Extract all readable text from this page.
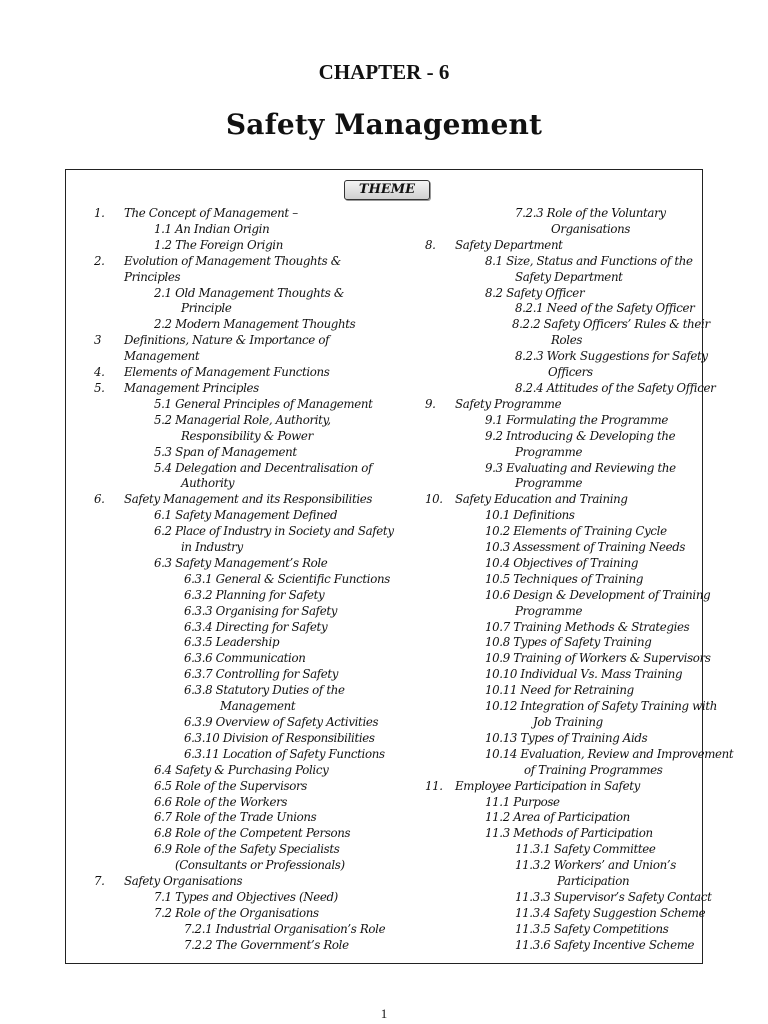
CHAPTER - 6
Safety Management
THEME
1.	The Concept of Management –
1.1 An Indian Origin
1.2 The Foreign Origin
2.	Evolution of Management Thoughts &
Principles
2.1 Old Management Thoughts &
Principle
2.2 Modern Management Thoughts
3	Definitions, Nature & Importance of
Management
4.	Elements of Management Functions
5.	Management Principles
5.1 General Principles of Management
5.2 Managerial Role, Authority,
Responsibility & Power
5.3 Span of Management
5.4 Delegation and Decentralisation of
Authority
6.	Safety Management and its Responsibilities
6.1 Safety Management Defined
6.2 Place of Industry in Society and Safety
in Industry
6.3 Safety Management’s Role
6.3.1 General & Scientific Functions
6.3.2 Planning for Safety
6.3.3 Organising for Safety
6.3.4 Directing for Safety
6.3.5 Leadership
6.3.6 Communication
6.3.7 Controlling for Safety
6.3.8 Statutory Duties of the
Management
6.3.9 Overview of Safety Activities
6.3.10 Division of Responsibilities
6.3.11 Location of Safety Functions
6.4 Safety & Purchasing Policy
6.5 Role of the Supervisors
6.6 Role of the Workers
6.7 Role of the Trade Unions
6.8 Role of the Competent Persons
6.9 Role of the Safety Specialists
(Consultants or Professionals)
7.	Safety Organisations
7.1 Types and Objectives (Need)
7.2 Role of the Organisations
7.2.1 Industrial Organisation’s Role
7.2.2 The Government’s Role
7.2.3 Role of the Voluntary
Organisations
8.	Safety Department
8.1 Size, Status and Functions of the
Safety Department
8.2 Safety Officer
8.2.1 Need of the Safety Officer
8.2.2 Safety Officers’ Rules & their
Roles
8.2.3 Work Suggestions for Safety
Officers
8.2.4 Attitudes of the Safety Officer
9.	Safety Programme
9.1 Formulating the Programme
9.2 Introducing & Developing the
Programme
9.3 Evaluating and Reviewing the
Programme
10.	Safety Education and Training
10.1 Definitions
10.2 Elements of Training Cycle
10.3 Assessment of Training Needs
10.4 Objectives of Training
10.5 Techniques of Training
10.6 Design & Development of Training
Programme
10.7 Training Methods & Strategies
10.8 Types of Safety Training
10.9 Training of Workers & Supervisors
10.10 Individual Vs. Mass Training
10.11 Need for Retraining
10.12 Integration of Safety Training with
Job Training
10.13 Types of Training Aids
10.14 Evaluation, Review and Improvement
of Training Programmes
11.	Employee Participation in Safety
11.1 Purpose
11.2 Area of Participation
11.3 Methods of Participation
11.3.1 Safety Committee
11.3.2 Workers’ and Union’s
Participation
11.3.3 Supervisor’s Safety Contact
11.3.4 Safety Suggestion Scheme
11.3.5 Safety Competitions
11.3.6 Safety Incentive Scheme
1
